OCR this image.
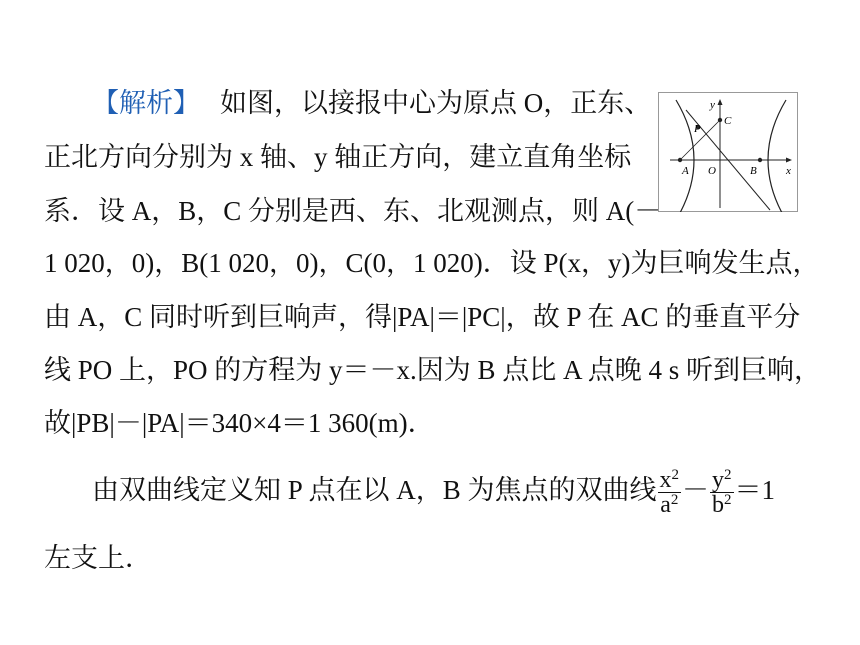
【解析】 如图，以接报中心为原点 O，正东、
正北方向分别为 x 轴、y 轴正方向，建立直角坐标
系．设 A，B，C 分别是西、东、北观测点，则 A(－
1 020，0)，B(1 020，0)，C(0，1 020)．设 P(x，y)为巨响发生点，
由 A，C 同时听到巨响声，得|PA|＝|PC|，故 P 在 AC 的垂直平分
线 PO 上，PO 的方程为 y＝－x.因为 B 点比 A 点晚 4 s 听到巨响，
故|PB|－|PA|＝340×4＝1 360(m)．
由双曲线定义知 P 点在以 A，B 为焦点的双曲线 $\frac{x^2}{a^2} - \frac{y^2}{b^2} =1$
左支上．
y
x
O
A	B
C
P
